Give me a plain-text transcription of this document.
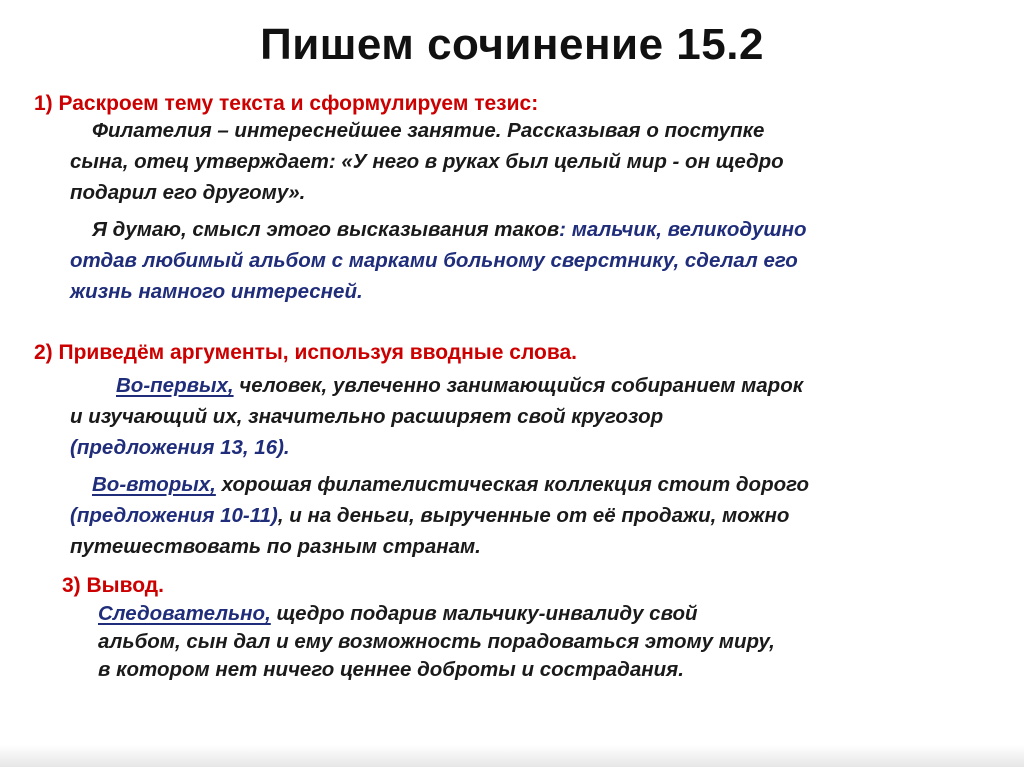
Пишем сочинение 15.2
1) Раскроем тему текста и сформулируем тезис:
Филателия – интереснейшее занятие. Рассказывая о поступке
сына, отец утверждает: «У него в руках был целый мир - он щедро
подарил его другому».
Я думаю, смысл этого высказывания таков: мальчик, великодушно
отдав любимый альбом с марками больному сверстнику, сделал его
жизнь намного интересней.
2) Приведём аргументы, используя вводные слова.
Во-первых, человек, увлеченно занимающийся собиранием марок
и изучающий их, значительно расширяет свой кругозор
(предложения 13, 16).
Во-вторых, хорошая филателистическая коллекция стоит дорого
(предложения 10-11), и на деньги, вырученные от её продажи, можно
путешествовать по разным странам.
3) Вывод.
Следовательно, щедро подарив мальчику-инвалиду свой
альбом, сын дал и ему возможность порадоваться этому миру,
в котором нет ничего ценнее доброты и сострадания.
